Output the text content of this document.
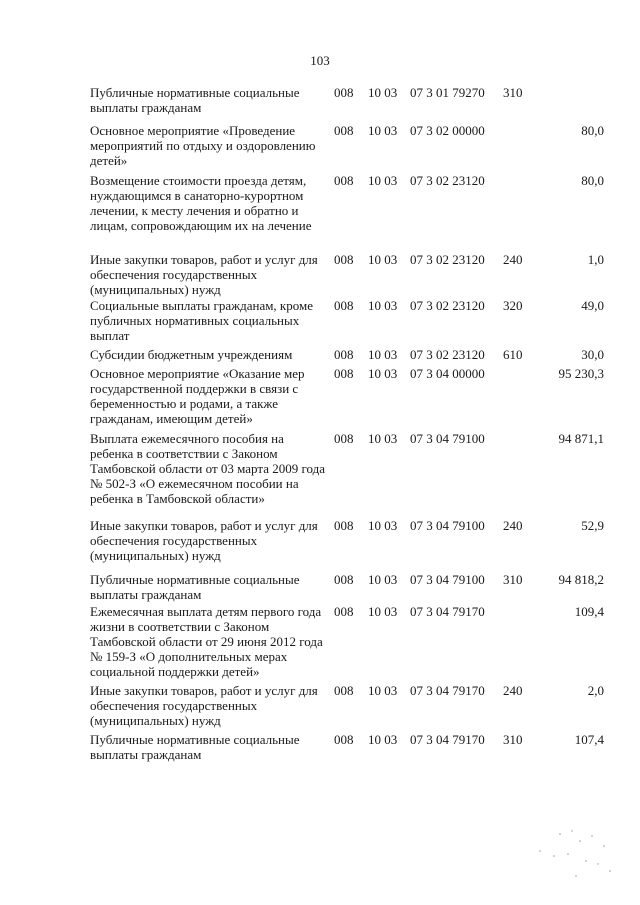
103
Публичные нормативные социальные выплаты гражданам
008 10 03 07 3 01 79270 310
Основное мероприятие «Проведение мероприятий по отдыху и оздоровлению детей»
008 10 03 07 3 02 00000	80,0
Возмещение стоимости проезда детям, нуждающимся в санаторно-курортном лечении, к месту лечения и обратно и лицам, сопровождающим их на лечение
008 10 03 07 3 02 23120	80,0
Иные закупки товаров, работ и услуг для обеспечения государственных (муниципальных) нужд
008 10 03 07 3 02 23120 240	1,0
Социальные выплаты гражданам, кроме публичных нормативных социальных выплат
008 10 03 07 3 02 23120 320	49,0
Субсидии бюджетным учреждениям	008 10 03 07 3 02 23120 610	30,0
Основное мероприятие «Оказание мер государственной поддержки в связи с беременностью и родами, а также гражданам, имеющим детей»
008 10 03 07 3 04 00000	95 230,3
Выплата ежемесячного пособия на ребенка в соответствии с Законом Тамбовской области от 03 марта 2009 года № 502-З «О ежемесячном пособии на ребенка в Тамбовской области»
008 10 03 07 3 04 79100	94 871,1
Иные закупки товаров, работ и услуг для обеспечения государственных (муниципальных) нужд
008 10 03 07 3 04 79100 240	52,9
Публичные нормативные социальные выплаты гражданам
008 10 03 07 3 04 79100 310	94 818,2
Ежемесячная выплата детям первого года жизни в соответствии с Законом Тамбовской области от 29 июня 2012 года № 159-З «О дополнительных мерах социальной поддержки детей»
008 10 03 07 3 04 79170	109,4
Иные закупки товаров, работ и услуг для обеспечения государственных (муниципальных) нужд
008 10 03 07 3 04 79170 240	2,0
Публичные нормативные социальные выплаты гражданам
008 10 03 07 3 04 79170 310	107,4
